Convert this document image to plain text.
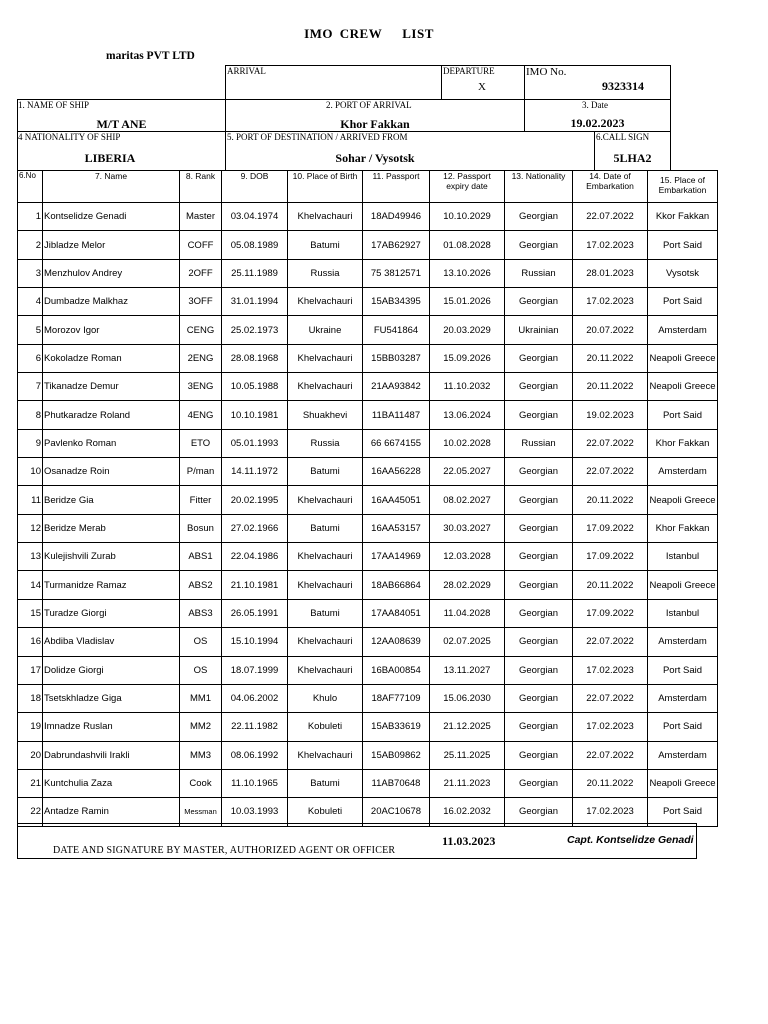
IMO CREW   LIST
maritas PVT LTD
ARRIVAL	DEPARTURE
X
IMO No.
9323314
1. NAME OF SHIP
M/T ANE
2. PORT OF ARRIVAL
Khor Fakkan
3. Date
19.02.2023
4 NATIONALITY OF SHIP
LIBERIA
5. PORT OF DESTINATION / ARRIVED FROM
Sohar / Vysotsk
6.CALL SIGN
5LHA2
6.No	7. Name	8. Rank	9. DOB	10. Place of Birth	11. Passport	12. Passport expiry date	13. Nationality	14. Date of Embarkation	15. Place of Embarkation
1	Kontselidze Genadi	Master	03.04.1974	Khelvachauri	18AD49946	10.10.2029	Georgian	22.07.2022	Kkor Fakkan
2	Jibladze Melor	COFF	05.08.1989	Batumi	17AB62927	01.08.2028	Georgian	17.02.2023	Port Said
3	Menzhulov Andrey	2OFF	25.11.1989	Russia	75 3812571	13.10.2026	Russian	28.01.2023	Vysotsk
4	Dumbadze Malkhaz	3OFF	31.01.1994	Khelvachauri	15AB34395	15.01.2026	Georgian	17.02.2023	Port Said
5	Morozov Igor	CENG	25.02.1973	Ukraine	FU541864	20.03.2029	Ukrainian	20.07.2022	Amsterdam
6	Kokoladze Roman	2ENG	28.08.1968	Khelvachauri	15BB03287	15.09.2026	Georgian	20.11.2022	Neapoli Greece
7	Tikanadze Demur	3ENG	10.05.1988	Khelvachauri	21AA93842	11.10.2032	Georgian	20.11.2022	Neapoli Greece
8	Phutkaradze Roland	4ENG	10.10.1981	Shuakhevi	11BA11487	13.06.2024	Georgian	19.02.2023	Port Said
9	Pavlenko Roman	ETO	05.01.1993	Russia	66 6674155	10.02.2028	Russian	22.07.2022	Khor Fakkan
10	Osanadze Roin	P/man	14.11.1972	Batumi	16AA56228	22.05.2027	Georgian	22.07.2022	Amsterdam
11	Beridze Gia	Fitter	20.02.1995	Khelvachauri	16AA45051	08.02.2027	Georgian	20.11.2022	Neapoli Greece
12	Beridze Merab	Bosun	27.02.1966	Batumi	16AA53157	30.03.2027	Georgian	17.09.2022	Khor Fakkan
13	Kulejishvili Zurab	ABS1	22.04.1986	Khelvachauri	17AA14969	12.03.2028	Georgian	17.09.2022	Istanbul
14	Turmanidze Ramaz	ABS2	21.10.1981	Khelvachauri	18AB66864	28.02.2029	Georgian	20.11.2022	Neapoli Greece
15	Turadze Giorgi	ABS3	26.05.1991	Batumi	17AA84051	11.04.2028	Georgian	17.09.2022	Istanbul
16	Abdiba Vladislav	OS	15.10.1994	Khelvachauri	12AA08639	02.07.2025	Georgian	22.07.2022	Amsterdam
17	Dolidze Giorgi	OS	18.07.1999	Khelvachauri	16BA00854	13.11.2027	Georgian	17.02.2023	Port Said
18	Tsetskhladze Giga	MM1	04.06.2002	Khulo	18AF77109	15.06.2030	Georgian	22.07.2022	Amsterdam
19	Imnadze Ruslan	MM2	22.11.1982	Kobuleti	15AB33619	21.12.2025	Georgian	17.02.2023	Port Said
20	Dabrundashvili Irakli	MM3	08.06.1992	Khelvachauri	15AB09862	25.11.2025	Georgian	22.07.2022	Amsterdam
21	Kuntchulia Zaza	Cook	11.10.1965	Batumi	11AB70648	21.11.2023	Georgian	20.11.2022	Neapoli Greece
22	Antadze Ramin	Messman	10.03.1993	Kobuleti	20AC10678	16.02.2032	Georgian	17.02.2023	Port Said
11.03.2023	Capt. Kontselidze Genadi
DATE AND SIGNATURE BY MASTER, AUTHORIZED AGENT OR OFFICER
